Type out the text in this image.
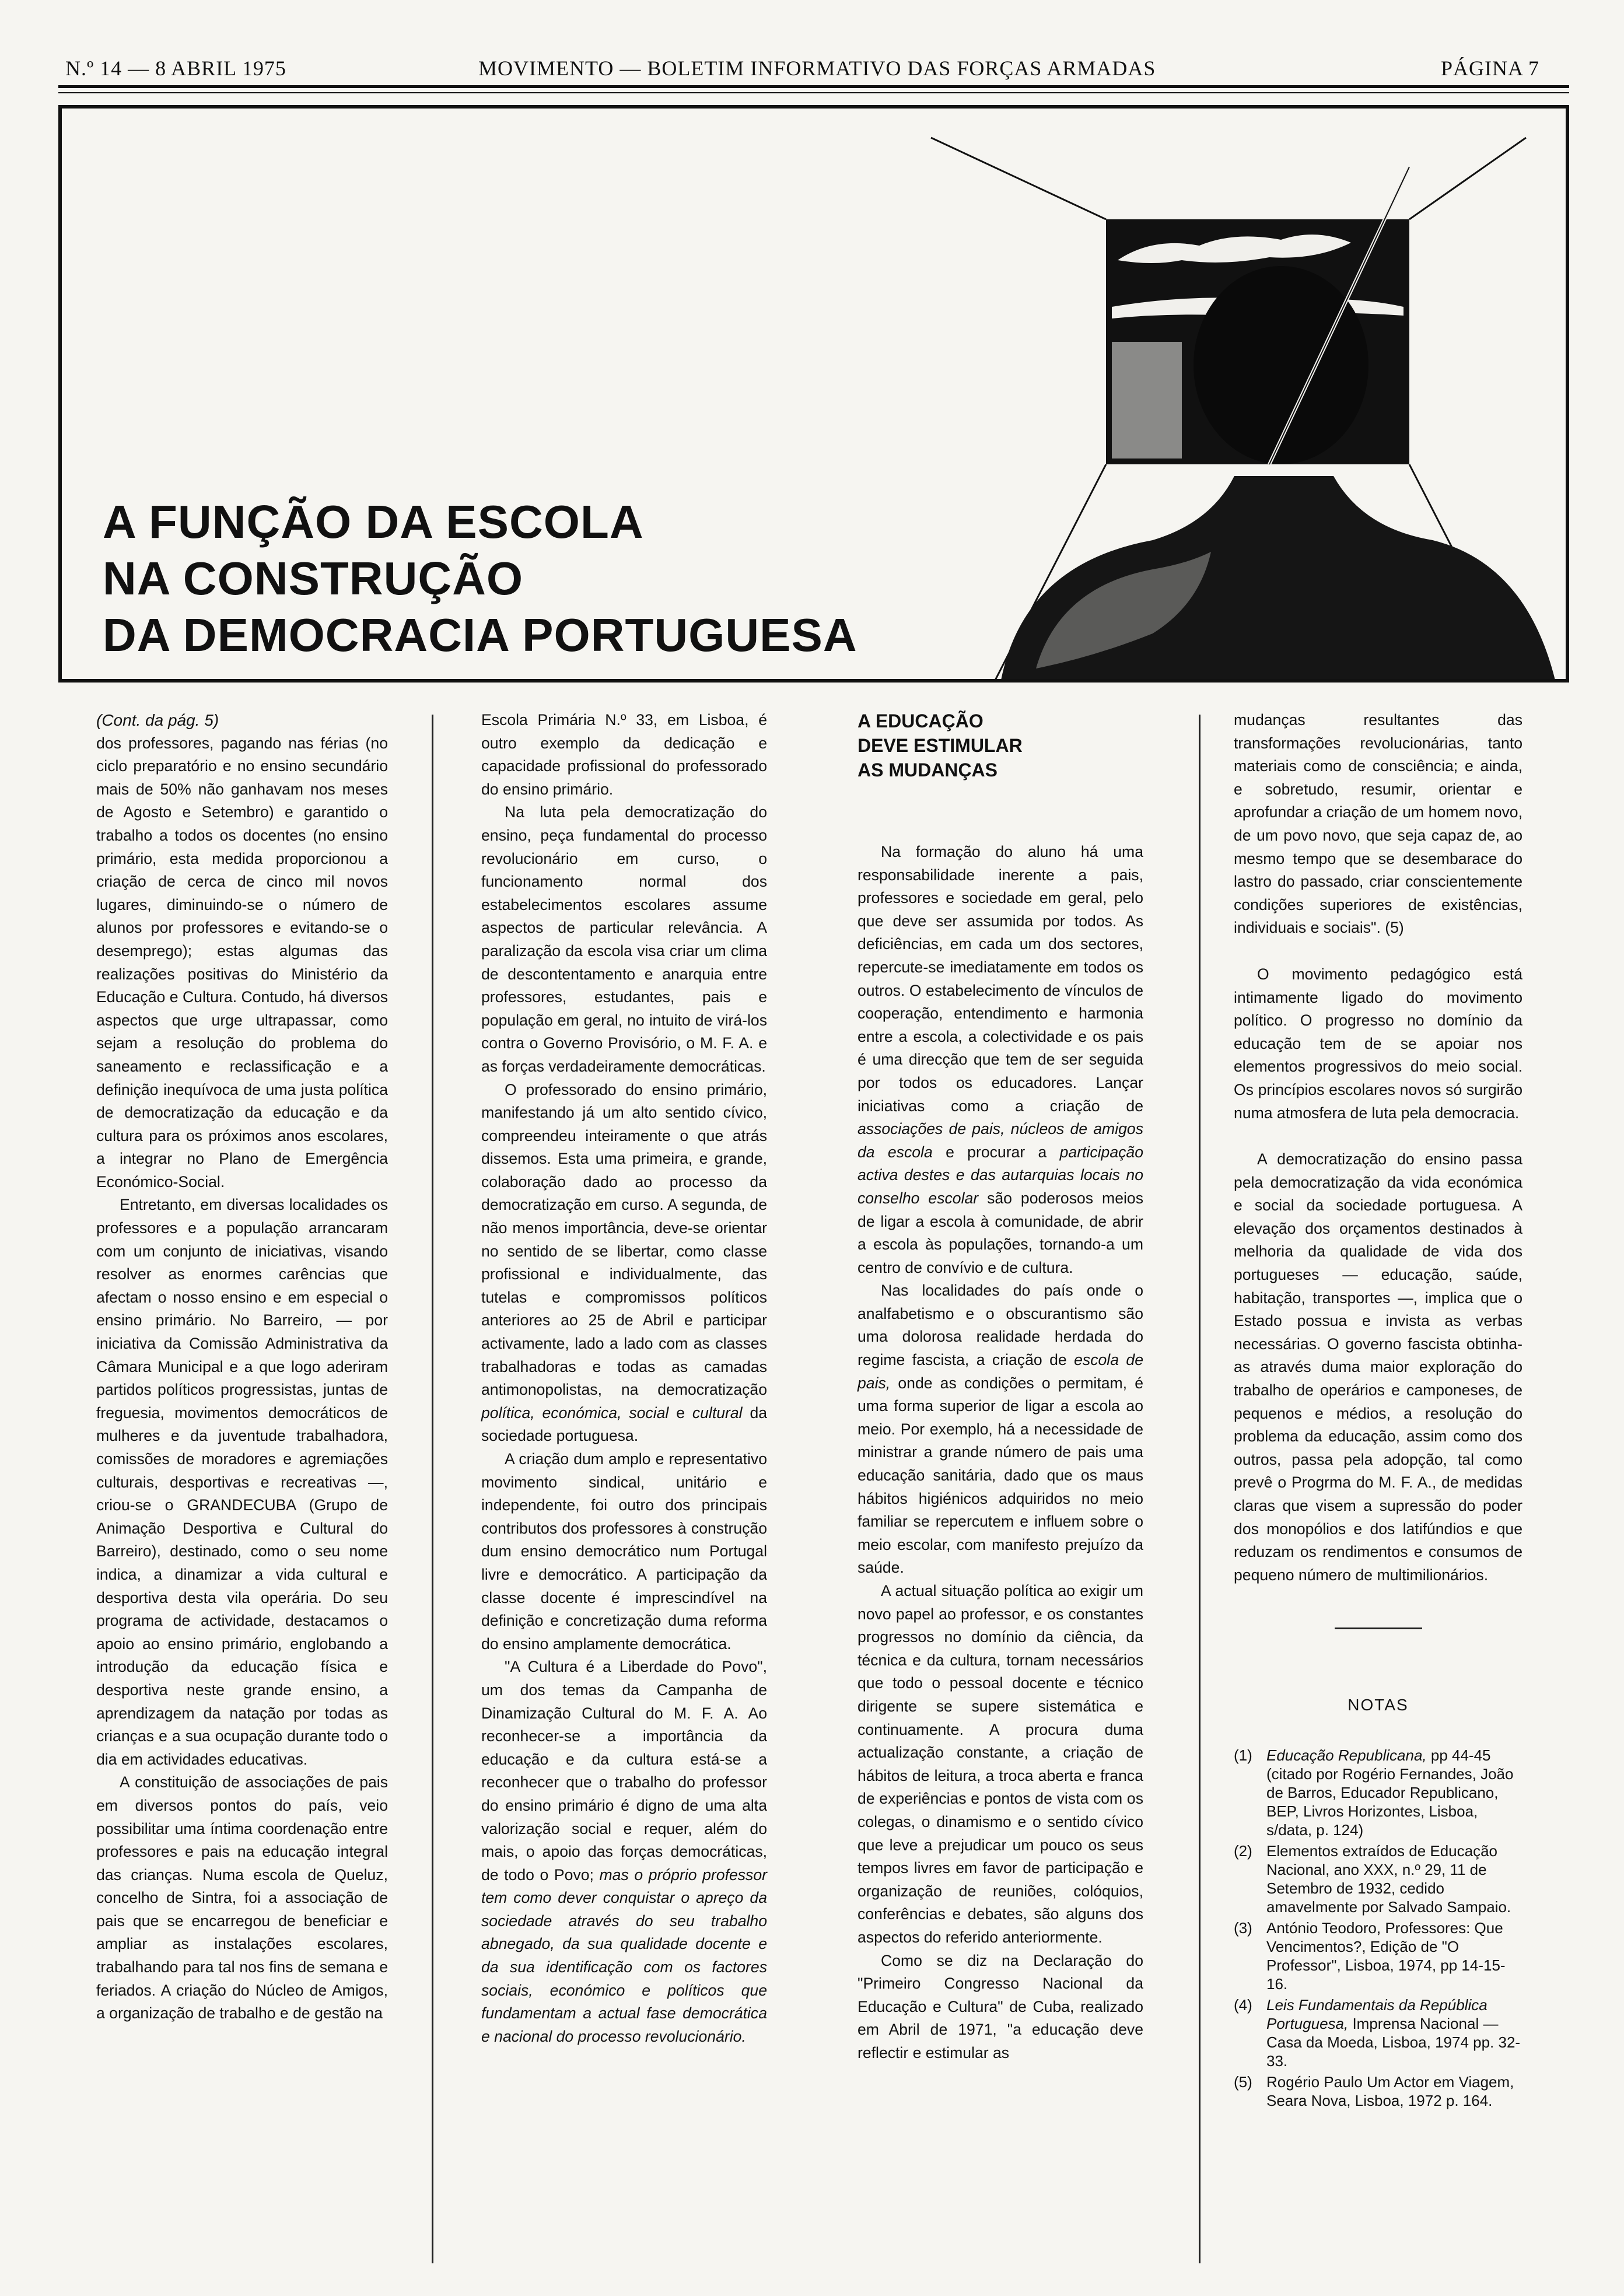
N.º 14 — 8 ABRIL 1975	MOVIMENTO — BOLETIM INFORMATIVO DAS FORÇAS ARMADAS	PÁGINA 7
A FUNÇÃO DA ESCOLA
NA CONSTRUÇÃO
DA DEMOCRACIA PORTUGUESA

(Cont. da pág. 5)

dos professores, pagando nas férias (no ciclo preparatório e no ensino secundário mais de 50% não ganhavam nos meses de Agosto e Setembro) e garantido o trabalho a todos os docentes (no ensino primário, esta medida proporcionou a criação de cerca de cinco mil novos lugares, diminuindo-se o número de alunos por professores e evitando-se o desemprego); estas algumas das realizações positivas do Ministério da Educação e Cultura. Contudo, há diversos aspectos que urge ultrapassar, como sejam a resolução do problema do saneamento e reclassificação e a definição inequívoca de uma justa política de democratização da educação e da cultura para os próximos anos escolares, a integrar no Plano de Emergência Económico-Social.

Entretanto, em diversas localidades os professores e a população arrancaram com um conjunto de iniciativas, visando resolver as enormes carências que afectam o nosso ensino e em especial o ensino primário. No Barreiro, — por iniciativa da Comissão Administrativa da Câmara Municipal e a que logo aderiram partidos políticos progressistas, juntas de freguesia, movimentos democráticos de mulheres e da juventude trabalhadora, comissões de moradores e agremiações culturais, desportivas e recreativas —, criou-se o GRANDECUBA (Grupo de Animação Desportiva e Cultural do Barreiro), destinado, como o seu nome indica, a dinamizar a vida cultural e desportiva desta vila operária. Do seu programa de actividade, destacamos o apoio ao ensino primário, englobando a introdução da educação física e desportiva neste grande ensino, a aprendizagem da natação por todas as crianças e a sua ocupação durante todo o dia em actividades educativas.

A constituição de associações de pais em diversos pontos do país, veio possibilitar uma íntima coordenação entre professores e pais na educação integral das crianças. Numa escola de Queluz, concelho de Sintra, foi a associação de pais que se encarregou de beneficiar e ampliar as instalações escolares, trabalhando para tal nos fins de semana e feriados. A criação do Núcleo de Amigos, a organização de trabalho e de gestão na

Escola Primária N.º 33, em Lisboa, é outro exemplo da dedicação e capacidade profissional do professorado do ensino primário.

Na luta pela democratização do ensino, peça fundamental do processo revolucionário em curso, o funcionamento normal dos estabelecimentos escolares assume aspectos de particular relevância. A paralização da escola visa criar um clima de descontentamento e anarquia entre professores, estudantes, pais e população em geral, no intuito de virá-los contra o Governo Provisório, o M. F. A. e as forças verdadeiramente democráticas.

O professorado do ensino primário, manifestando já um alto sentido cívico, compreendeu inteiramente o que atrás dissemos. Esta uma primeira, e grande, colaboração dado ao processo da democratização em curso. A segunda, de não menos importância, deve-se orientar no sentido de se libertar, como classe profissional e individualmente, das tutelas e compromissos políticos anteriores ao 25 de Abril e participar activamente, lado a lado com as classes trabalhadoras e todas as camadas antimonopolistas, na democratização política, económica, social e cultural da sociedade portuguesa.

A criação dum amplo e representativo movimento sindical, unitário e independente, foi outro dos principais contributos dos professores à construção dum ensino democrático num Portugal livre e democrático. A participação da classe docente é imprescindível na definição e concretização duma reforma do ensino amplamente democrática.

"A Cultura é a Liberdade do Povo", um dos temas da Campanha de Dinamização Cultural do M. F. A. Ao reconhecer-se a importância da educação e da cultura está-se a reconhecer que o trabalho do professor do ensino primário é digno de uma alta valorização social e requer, além do mais, o apoio das forças democráticas, de todo o Povo; mas o próprio professor tem como dever conquistar o apreço da sociedade através do seu trabalho abnegado, da sua qualidade docente e da sua identificação com os factores sociais, económico e políticos que fundamentam a actual fase democrática e nacional do processo revolucionário.

A EDUCAÇÃO
DEVE ESTIMULAR
AS MUDANÇAS

Na formação do aluno há uma responsabilidade inerente a pais, professores e sociedade em geral, pelo que deve ser assumida por todos. As deficiências, em cada um dos sectores, repercute-se imediatamente em todos os outros. O estabelecimento de vínculos de cooperação, entendimento e harmonia entre a escola, a colectividade e os pais é uma direcção que tem de ser seguida por todos os educadores. Lançar iniciativas como a criação de associações de pais, núcleos de amigos da escola e procurar a participação activa destes e das autarquias locais no conselho escolar são poderosos meios de ligar a escola à comunidade, de abrir a escola às populações, tornando-a um centro de convívio e de cultura.

Nas localidades do país onde o analfabetismo e o obscurantismo são uma dolorosa realidade herdada do regime fascista, a criação de escola de pais, onde as condições o permitam, é uma forma superior de ligar a escola ao meio. Por exemplo, há a necessidade de ministrar a grande número de pais uma educação sanitária, dado que os maus hábitos higiénicos adquiridos no meio familiar se repercutem e influem sobre o meio escolar, com manifesto prejuízo da saúde.

A actual situação política ao exigir um novo papel ao professor, e os constantes progressos no domínio da ciência, da técnica e da cultura, tornam necessários que todo o pessoal docente e técnico dirigente se supere sistemática e continuamente. A procura duma actualização constante, a criação de hábitos de leitura, a troca aberta e franca de experiências e pontos de vista com os colegas, o dinamismo e o sentido cívico que leve a prejudicar um pouco os seus tempos livres em favor de participação e organização de reuniões, colóquios, conferências e debates, são alguns dos aspectos do referido anteriormente.

Como se diz na Declaração do "Primeiro Congresso Nacional da Educação e Cultura" de Cuba, realizado em Abril de 1971, "a educação deve reflectir e estimular as

mudanças resultantes das transformações revolucionárias, tanto materiais como de consciência; e ainda, e sobretudo, resumir, orientar e aprofundar a criação de um homem novo, de um povo novo, que seja capaz de, ao mesmo tempo que se desembarace do lastro do passado, criar conscientemente condições superiores de existências, individuais e sociais". (5)

O movimento pedagógico está intimamente ligado do movimento político. O progresso no domínio da educação tem de se apoiar nos elementos progressivos do meio social. Os princípios escolares novos só surgirão numa atmosfera de luta pela democracia.

A democratização do ensino passa pela democratização da vida económica e social da sociedade portuguesa. A elevação dos orçamentos destinados à melhoria da qualidade de vida dos portugueses — educação, saúde, habitação, transportes —, implica que o Estado possua e invista as verbas necessárias. O governo fascista obtinha-as através duma maior exploração do trabalho de operários e camponeses, de pequenos e médios, a resolução do problema da educação, assim como dos outros, passa pela adopção, tal como prevê o Progrma do M. F. A., de medidas claras que visem a supressão do poder dos monopólios e dos latifúndios e que reduzam os rendimentos e consumos de pequeno número de multimilionários.

NOTAS
(1) Educação Republicana, pp 44-45 (citado por Rogério Fernandes, João de Barros, Educador Republicano, BEP, Livros Horizontes, Lisboa, s/data, p. 124)
(2) Elementos extraídos de Educação Nacional, ano XXX, n.º 29, 11 de Setembro de 1932, cedido amavelmente por Salvado Sampaio.
(3) António Teodoro, Professores: Que Vencimentos?, Edição de "O Professor", Lisboa, 1974, pp 14-15-16.
(4) Leis Fundamentais da República Portuguesa, Imprensa Nacional — Casa da Moeda, Lisboa, 1974 pp. 32-33.
(5) Rogério Paulo Um Actor em Viagem, Seara Nova, Lisboa, 1972 p. 164.
